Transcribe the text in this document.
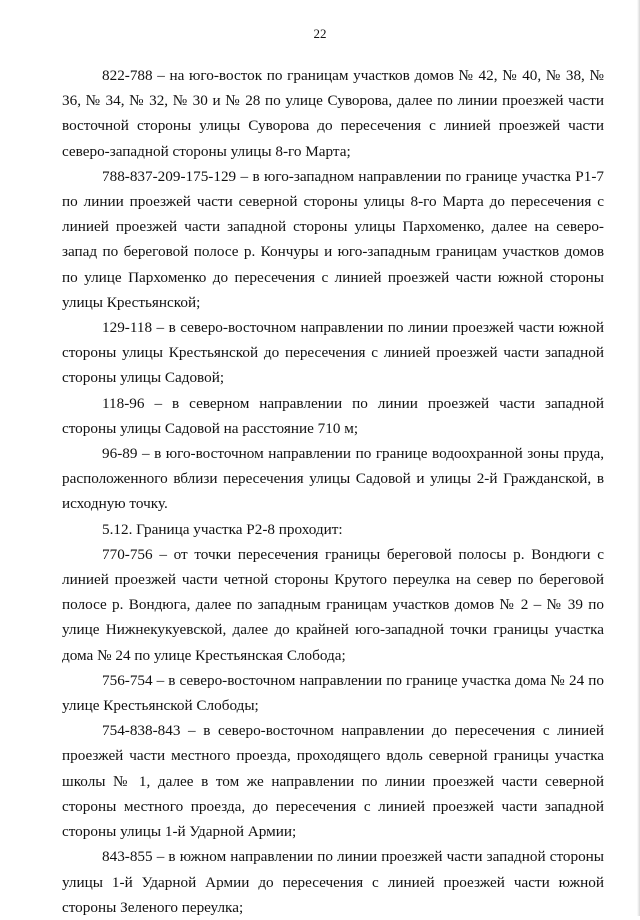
22

822-788 – на юго-восток по границам участков домов № 42, № 40, № 38, № 36, № 34, № 32, № 30 и № 28 по улице Суворова, далее по линии проезжей части восточной стороны улицы Суворова до пересечения с линией проезжей части северо-западной стороны улицы 8-го Марта;

788-837-209-175-129 – в юго-западном направлении по границе участка Р1-7 по линии проезжей части северной стороны улицы 8-го Марта до пересечения с линией проезжей части западной стороны улицы Пархоменко, далее на северо-запад по береговой полосе р. Кончуры и юго-западным границам участков домов по улице Пархоменко до пересечения с линией проезжей части южной стороны улицы Крестьянской;

129-118 – в северо-восточном направлении по линии проезжей части южной стороны улицы Крестьянской до пересечения с линией проезжей части западной стороны улицы Садовой;

118-96 – в северном направлении по линии проезжей части западной стороны улицы Садовой на расстояние 710 м;

96-89 – в юго-восточном направлении по границе водоохранной зоны пруда, расположенного вблизи пересечения улицы Садовой и улицы 2-й Гражданской, в исходную точку.

5.12. Граница участка Р2-8 проходит:

770-756 – от точки пересечения границы береговой полосы р. Вондюги с линией проезжей части четной стороны Крутого переулка на север по береговой полосе р. Вондюга, далее по западным границам участков домов № 2 – № 39 по улице Нижнекукуевской, далее до крайней юго-западной точки границы участка дома № 24 по улице Крестьянская Слобода;

756-754 – в северо-восточном направлении по границе участка дома № 24 по улице Крестьянской Слободы;

754-838-843 – в северо-восточном направлении до пересечения с линией проезжей части местного проезда, проходящего вдоль северной границы участка школы № 1, далее в том же направлении по линии проезжей части северной стороны местного проезда, до пересечения с линией проезжей части западной стороны улицы 1-й Ударной Армии;

843-855 – в южном направлении по линии проезжей части западной стороны улицы 1-й Ударной Армии до пересечения с линией проезжей части южной стороны Зеленого переулка;
